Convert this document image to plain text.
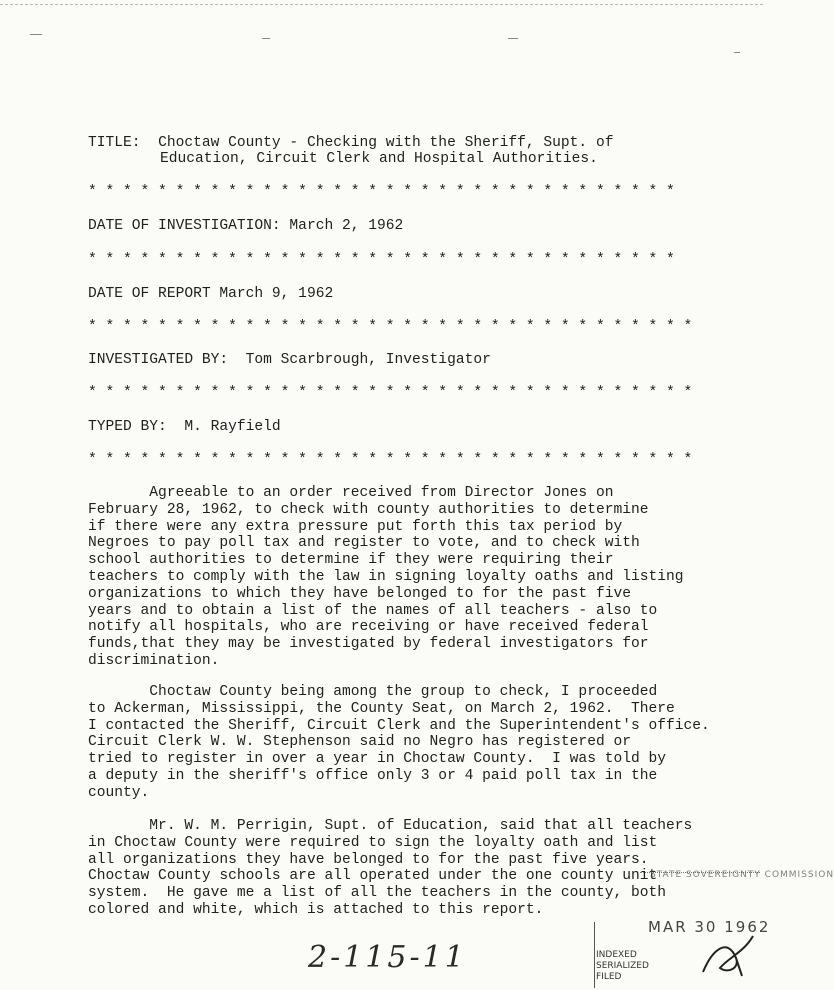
TITLE: Choctaw County - Checking with the Sheriff, Supt. of
Education, Circuit Clerk and Hospital Authorities.
* * * * * * * * * * * * * * * * * * * * * * * * * * * * * * * * * *
DATE OF INVESTIGATION: March 2, 1962
* * * * * * * * * * * * * * * * * * * * * * * * * * * * * * * * * *
DATE OF REPORT March 9, 1962
* * * * * * * * * * * * * * * * * * * * * * * * * * * * * * * * * * *
INVESTIGATED BY:  Tom Scarbrough, Investigator
* * * * * * * * * * * * * * * * * * * * * * * * * * * * * * * * * * *
TYPED BY:  M. Rayfield
* * * * * * * * * * * * * * * * * * * * * * * * * * * * * * * * * * *
Agreeable to an order received from Director Jones on
February 28, 1962, to check with county authorities to determine
if there were any extra pressure put forth this tax period by
Negroes to pay poll tax and register to vote, and to check with
school authorities to determine if they were requiring their
teachers to comply with the law in signing loyalty oaths and listing
organizations to which they have belonged to for the past five
years and to obtain a list of the names of all teachers - also to
notify all hospitals, who are receiving or have received federal
funds,that they may be investigated by federal investigators for
discrimination.
Choctaw County being among the group to check, I proceeded
to Ackerman, Mississippi, the County Seat, on March 2, 1962.  There
I contacted the Sheriff, Circuit Clerk and the Superintendent's office.
Circuit Clerk W. W. Stephenson said no Negro has registered or
tried to register in over a year in Choctaw County.  I was told by
a deputy in the sheriff's office only 3 or 4 paid poll tax in the
county.
Mr. W. M. Perrigin, Supt. of Education, said that all teachers
in Choctaw County were required to sign the loyalty oath and list
all organizations they have belonged to for the past five years.
Choctaw County schools are all operated under the one county unit
system.  He gave me a list of all the teachers in the county, both
colored and white, which is attached to this report.
2-115-11
STATE SOVEREIGNTY COMMISSION
MAR 30 1962
INDEXED
SERIALIZED
FILED
